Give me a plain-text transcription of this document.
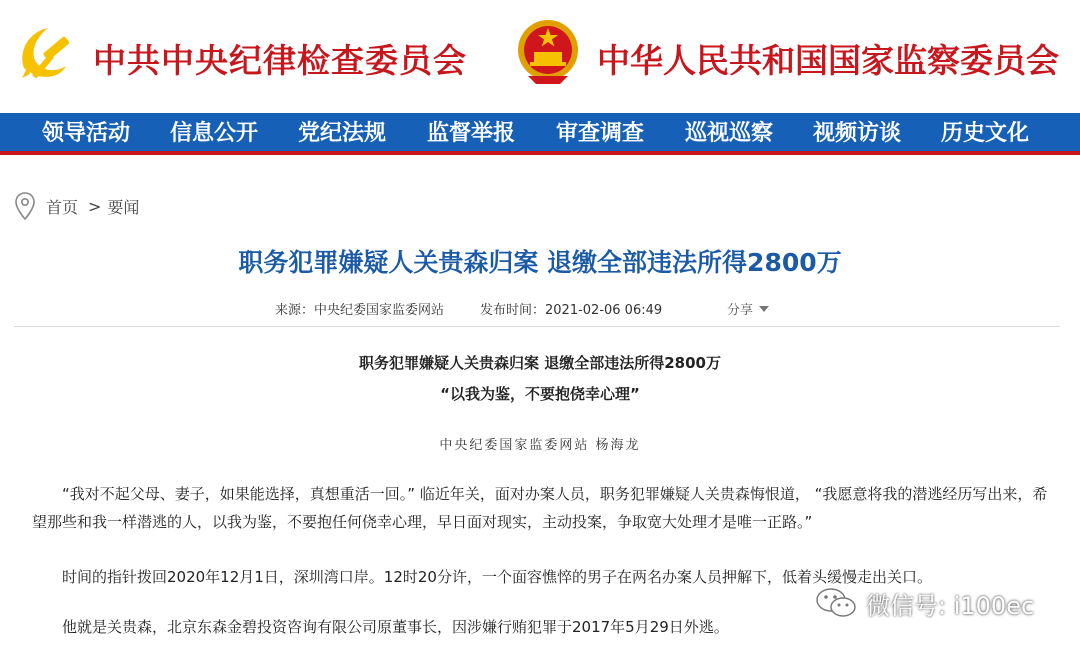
中共中央纪律检查委员会	中华人民共和国国家监察委员会
领导活动 信息公开 党纪法规 监督举报 审查调查 巡视巡察 视频访谈 历史文化
首页 > 要闻
职务犯罪嫌疑人关贵森归案 退缴全部违法所得2800万
来源：中央纪委国家监委网站	发布时间：2021-02-06 06:49	分享
职务犯罪嫌疑人关贵森归案 退缴全部违法所得2800万
“以我为鉴，不要抱侥幸心理”
中央纪委国家监委网站 杨海龙
“我对不起父母、妻子，如果能选择，真想重活一回。” 临近年关，面对办案人员，职务犯罪嫌疑人关贵森悔恨道， “我愿意将我的潜逃经历写出来，希望那些和我一样潜逃的人，以我为鉴，不要抱任何侥幸心理，早日面对现实，主动投案，争取宽大处理才是唯一正路。”
时间的指针拨回2020年12月1日，深圳湾口岸。12时20分许，一个面容憔悴的男子在两名办案人员押解下，低着头缓慢走出关口。
他就是关贵森，北京东森金碧投资咨询有限公司原董事长，因涉嫌行贿犯罪于2017年5月29日外逃。
微信号: i100ec
